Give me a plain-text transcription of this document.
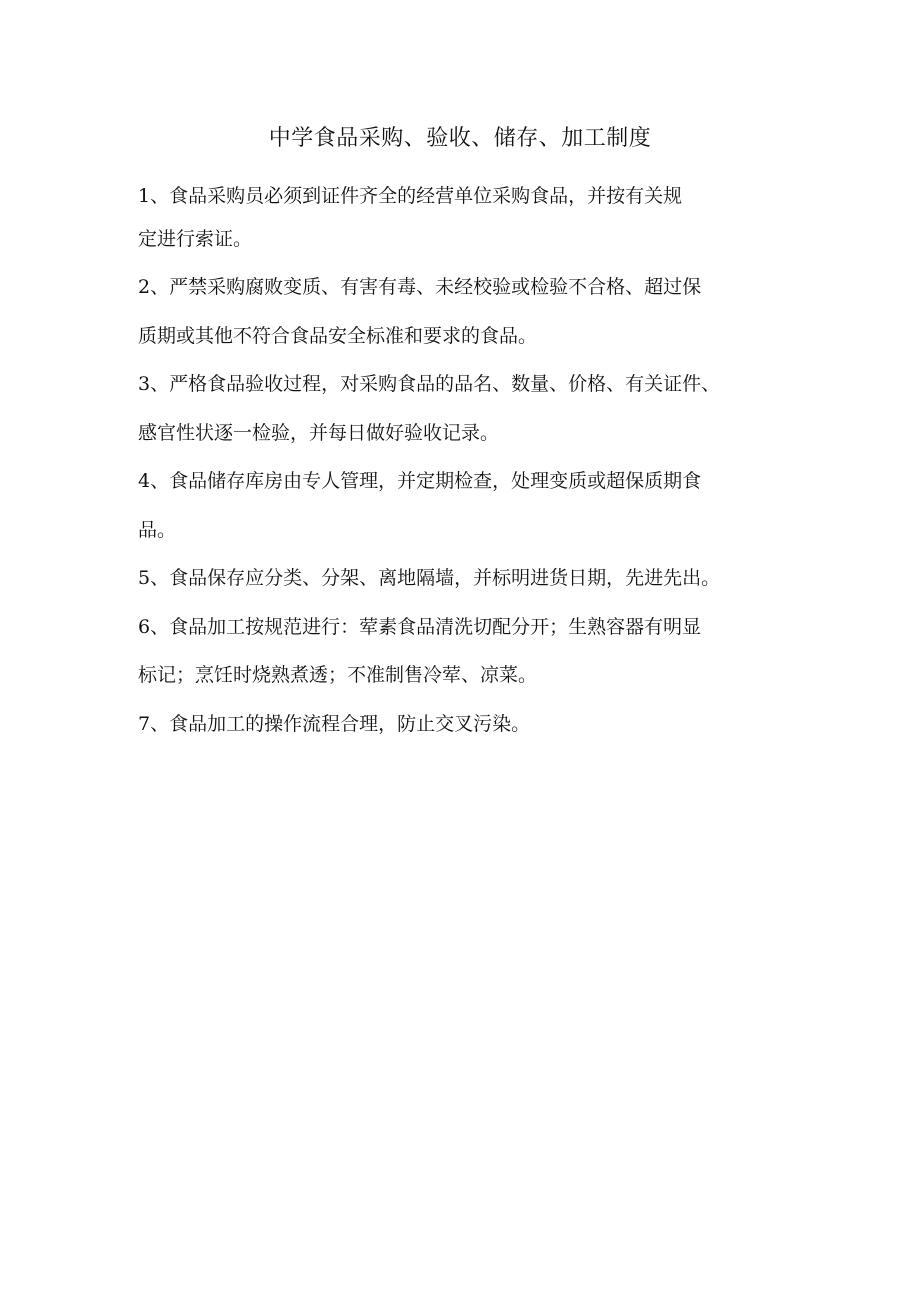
中学食品采购、验收、储存、加工制度
1、食品采购员必须到证件齐全的经营单位采购食品，并按有关规
定进行索证。
2、严禁采购腐败变质、有害有毒、未经校验或检验不合格、超过保
质期或其他不符合食品安全标准和要求的食品。
3、严格食品验收过程，对采购食品的品名、数量、价格、有关证件、
感官性状逐一检验，并每日做好验收记录。
4、食品储存库房由专人管理，并定期检查，处理变质或超保质期食
品。
5、食品保存应分类、分架、离地隔墙，并标明进货日期，先进先出。
6、食品加工按规范进行：荤素食品清洗切配分开；生熟容器有明显
标记；烹饪时烧熟煮透；不准制售冷荤、凉菜。
7、食品加工的操作流程合理，防止交叉污染。
